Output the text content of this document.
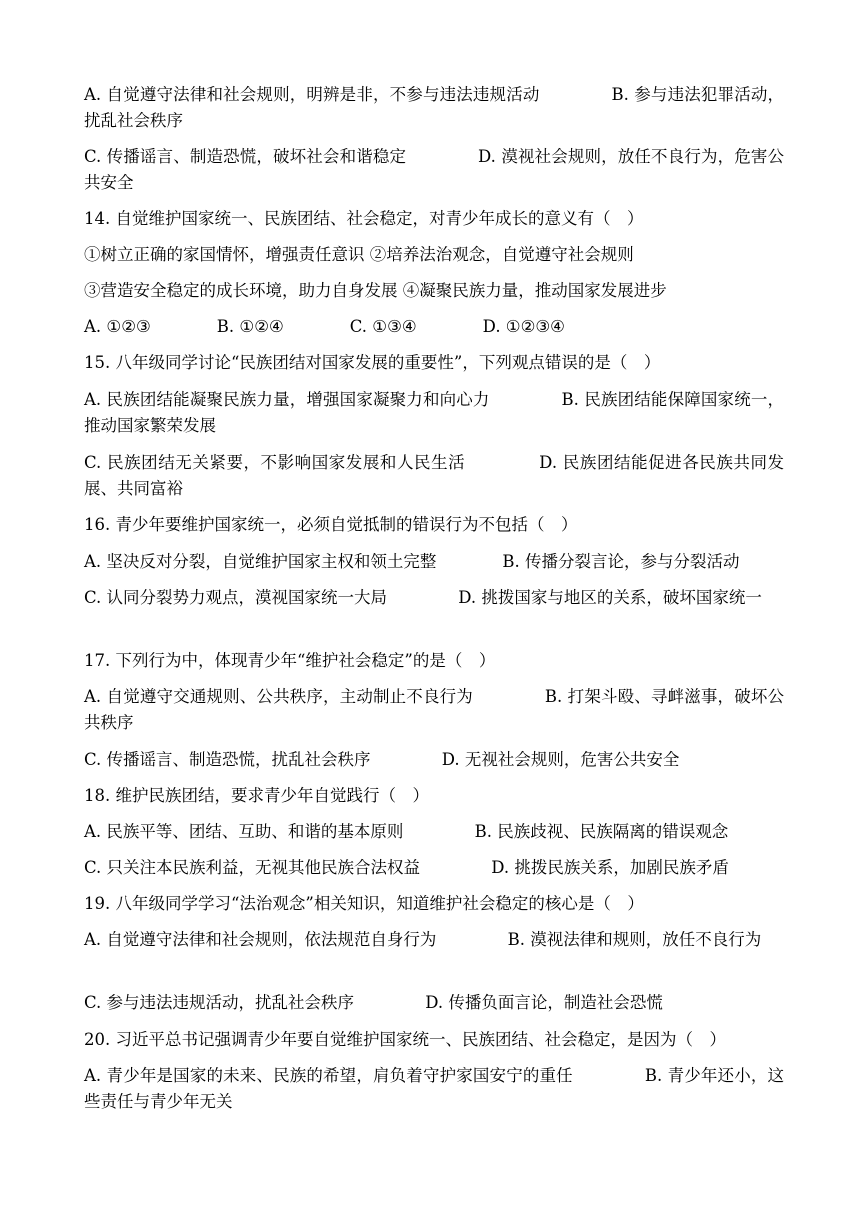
A. 自觉遵守法律和社会规则，明辨是非，不参与违法违规活动　　　　 B. 参与违法犯罪活动，扰乱社会秩序
C. 传播谣言、制造恐慌，破坏社会和谐稳定　　　　 D. 漠视社会规则，放任不良行为，危害公共安全
14. 自觉维护国家统一、民族团结、社会稳定，对青少年成长的意义有（　）
①树立正确的家国情怀，增强责任意识 ②培养法治观念，自觉遵守社会规则
③营造安全稳定的成长环境，助力自身发展 ④凝聚民族力量，推动国家发展进步
A. ①②③　　　　B. ①②④　　　　C. ①③④　　　　D. ①②③④
15. 八年级同学讨论“民族团结对国家发展的重要性”，下列观点错误的是（　）
A. 民族团结能凝聚民族力量，增强国家凝聚力和向心力　　　　 B. 民族团结能保障国家统一，推动国家繁荣发展
C. 民族团结无关紧要，不影响国家发展和人民生活　　　　 D. 民族团结能促进各民族共同发展、共同富裕
16. 青少年要维护国家统一，必须自觉抵制的错误行为不包括（　）
A. 坚决反对分裂，自觉维护国家主权和领土完整　　　　B. 传播分裂言论，参与分裂活动
C. 认同分裂势力观点，漠视国家统一大局　　　　 D. 挑拨国家与地区的关系，破坏国家统一
17. 下列行为中，体现青少年“维护社会稳定”的是（　）
A. 自觉遵守交通规则、公共秩序，主动制止不良行为　　　　 B. 打架斗殴、寻衅滋事，破坏公共秩序
C. 传播谣言、制造恐慌，扰乱社会秩序　　　　 D. 无视社会规则，危害公共安全
18. 维护民族团结，要求青少年自觉践行（　）
A. 民族平等、团结、互助、和谐的基本原则　　　　 B. 民族歧视、民族隔离的错误观念
C. 只关注本民族利益，无视其他民族合法权益　　　　 D. 挑拨民族关系，加剧民族矛盾
19. 八年级同学学习“法治观念”相关知识，知道维护社会稳定的核心是（　）
A. 自觉遵守法律和社会规则，依法规范自身行为　　　　 B. 漠视法律和规则，放任不良行为
C. 参与违法违规活动，扰乱社会秩序　　　　 D. 传播负面言论，制造社会恐慌
20. 习近平总书记强调青少年要自觉维护国家统一、民族团结、社会稳定，是因为（　）
A. 青少年是国家的未来、民族的希望，肩负着守护家国安宁的重任　　　　 B. 青少年还小，这些责任与青少年无关
